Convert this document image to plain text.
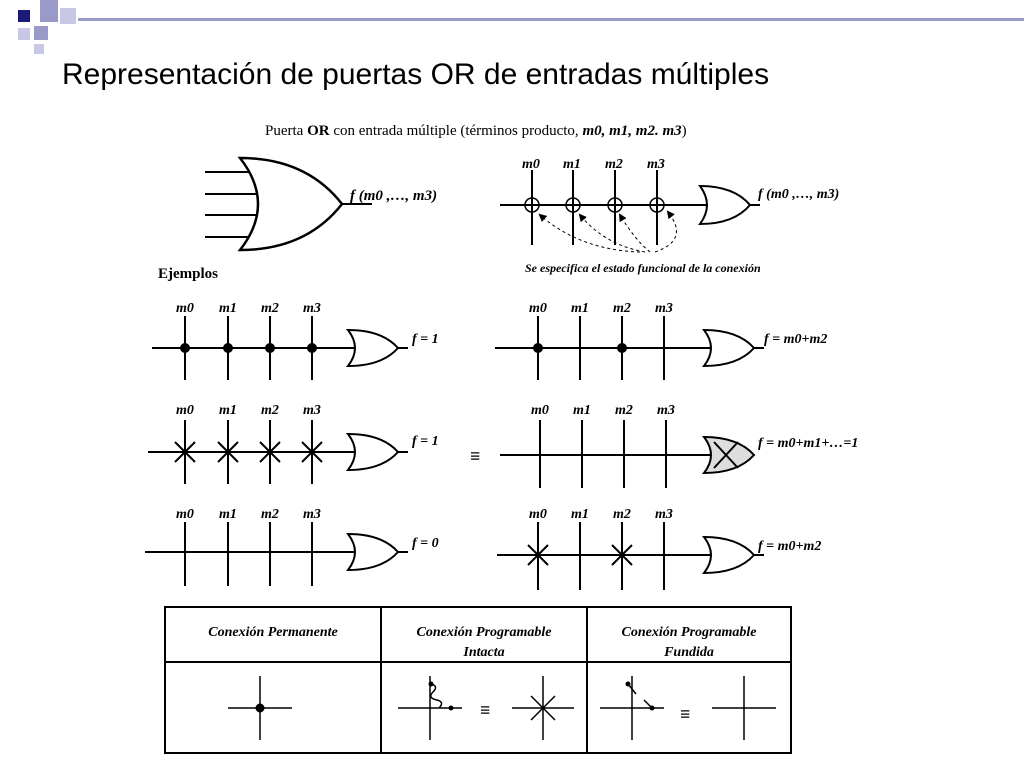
Representación de puertas OR de entradas múltiples
Puerta OR con entrada múltiple (términos producto, m0, m1, m2. m3)
f (m0 ,…, m3)
m0 m1 m2 m3
f (m0 ,…, m3)
Se especifica el estado funcional de la conexión
Ejemplos
m0 m1 m2 m3
f = 1
m0 m1 m2 m3
f = m0+m2
m0 m1 m2 m3
f = 1
≡
m0 m1 m2 m3
f = m0+m1+…=1
m0 m1 m2 m3
f = 0
m0 m1 m2 m3
f = m0+m2
Conexión Permanente	Conexión Programable
Intacta
Conexión Programable
Fundida
≡	≡
